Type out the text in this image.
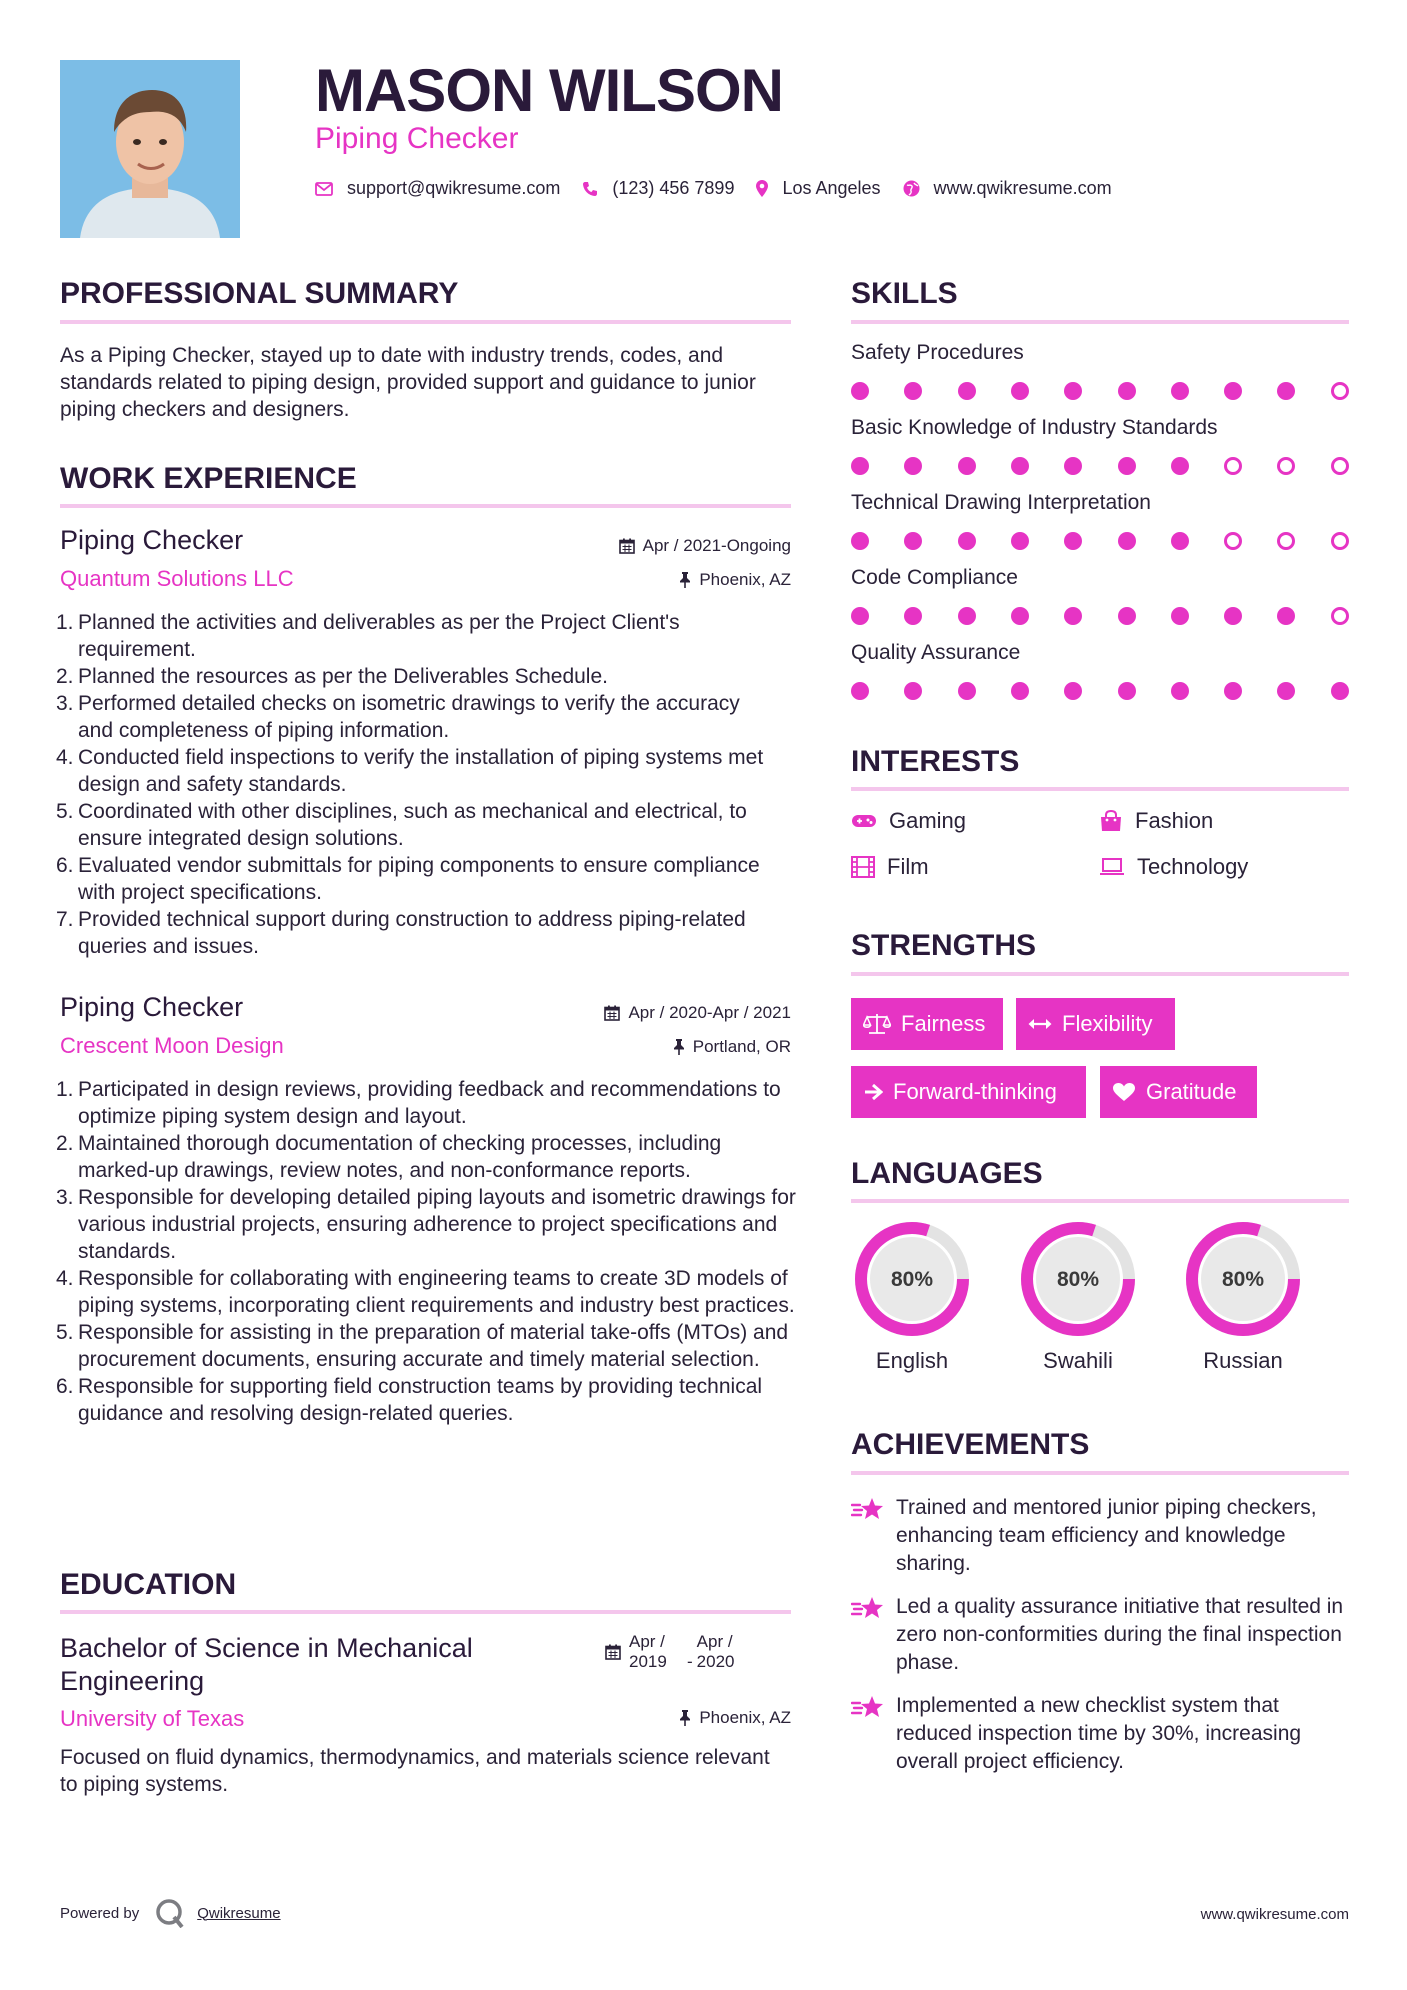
MASON WILSON
Piping Checker
support@qwikresume.com	(123) 456 7899	Los Angeles	www.qwikresume.com
PROFESSIONAL SUMMARY
As a Piping Checker, stayed up to date with industry trends, codes, and standards related to piping design, provided support and guidance to junior piping checkers and designers.
WORK EXPERIENCE
Piping Checker
Quantum Solutions LLC
Apr / 2021-Ongoing
Phoenix, AZ
1. Planned the activities and deliverables as per the Project Client's requirement.
2. Planned the resources as per the Deliverables Schedule.
3. Performed detailed checks on isometric drawings to verify the accuracy and completeness of piping information.
4. Conducted field inspections to verify the installation of piping systems met design and safety standards.
5. Coordinated with other disciplines, such as mechanical and electrical, to ensure integrated design solutions.
6. Evaluated vendor submittals for piping components to ensure compliance with project specifications.
7. Provided technical support during construction to address piping-related queries and issues.
Piping Checker
Crescent Moon Design
Apr / 2020-Apr / 2021
Portland, OR
1. Participated in design reviews, providing feedback and recommendations to optimize piping system design and layout.
2. Maintained thorough documentation of checking processes, including marked-up drawings, review notes, and non-conformance reports.
3. Responsible for developing detailed piping layouts and isometric drawings for various industrial projects, ensuring adherence to project specifications and standards.
4. Responsible for collaborating with engineering teams to create 3D models of piping systems, incorporating client requirements and industry best practices.
5. Responsible for assisting in the preparation of material take-offs (MTOs) and procurement documents, ensuring accurate and timely material selection.
6. Responsible for supporting field construction teams by providing technical guidance and resolving design-related queries.
EDUCATION
Bachelor of Science in Mechanical Engineering
Apr / 2019	-
Apr / 2020
University of Texas	Phoenix, AZ
Focused on fluid dynamics, thermodynamics, and materials science relevant to piping systems.
SKILLS
Safety Procedures
Basic Knowledge of Industry Standards
Technical Drawing Interpretation
Code Compliance
Quality Assurance
INTERESTS
Gaming	Fashion
Film	Technology
STRENGTHS
Fairness	Flexibility
Forward-thinking	Gratitude
LANGUAGES
80%
English
80%
Swahili
80%
Russian
ACHIEVEMENTS
Trained and mentored junior piping checkers, enhancing team efficiency and knowledge sharing.
Led a quality assurance initiative that resulted in zero non-conformities during the final inspection phase.
Implemented a new checklist system that reduced inspection time by 30%, increasing overall project efficiency.
Powered by	Qwikresume	www.qwikresume.com
